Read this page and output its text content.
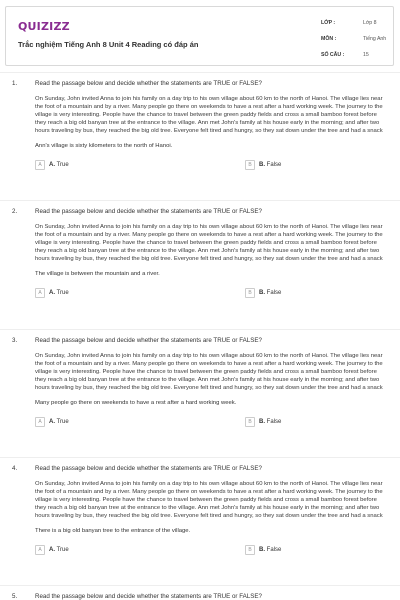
QUIZIZZ
Trắc nghiệm Tiếng Anh 8 Unit 4 Reading có đáp án
LỚP :	Lớp 8
MÔN :	Tiếng Anh
SỐ CÂU :	15
1.	Read the passage below and decide whether the statements are TRUE or FALSE?
On Sunday, John invited Anna to join his family on a day trip to his own village about 60 km to the north of Hanoi. The village lies near the foot of a mountain and by a river. Many people go there on weekends to have a rest after a hard working week. The journey to the village is very interesting. People have the chance to travel between the green paddy fields and cross a small bamboo forest before they reach a big old banyan tree at the entrance to the village. Ann met John's family at his house early in the morning; and after two hours traveling by bus, they reached the big old tree. Everyone felt tired and hungry, so they sat down under the tree and had a snack
Ann's village is sixty kilometers to the north of Hanoi.
A	A. True	B	B. False
2.	Read the passage below and decide whether the statements are TRUE or FALSE?
On Sunday, John invited Anna to join his family on a day trip to his own village about 60 km to the north of Hanoi. The village lies near the foot of a mountain and by a river. Many people go there on weekends to have a rest after a hard working week. The journey to the village is very interesting. People have the chance to travel between the green paddy fields and cross a small bamboo forest before they reach a big old banyan tree at the entrance to the village. Ann met John's family at his house early in the morning; and after two hours traveling by bus, they reached the big old tree. Everyone felt tired and hungry, so they sat down under the tree and had a snack
The village is between the mountain and a river.
A	A. True	B	B. False
3.	Read the passage below and decide whether the statements are TRUE or FALSE?
On Sunday, John invited Anna to join his family on a day trip to his own village about 60 km to the north of Hanoi. The village lies near the foot of a mountain and by a river. Many people go there on weekends to have a rest after a hard working week. The journey to the village is very interesting. People have the chance to travel between the green paddy fields and cross a small bamboo forest before they reach a big old banyan tree at the entrance to the village. Ann met John's family at his house early in the morning; and after two hours traveling by bus, they reached the big old tree. Everyone felt tired and hungry, so they sat down under the tree and had a snack
Many people go there on weekends to have a rest after a hard working week.
A	A. True	B	B. False
4.	Read the passage below and decide whether the statements are TRUE or FALSE?
On Sunday, John invited Anna to join his family on a day trip to his own village about 60 km to the north of Hanoi. The village lies near the foot of a mountain and by a river. Many people go there on weekends to have a rest after a hard working week. The journey to the village is very interesting. People have the chance to travel between the green paddy fields and cross a small bamboo forest before they reach a big old banyan tree at the entrance to the village. Ann met John's family at his house early in the morning; and after two hours traveling by bus, they reached the big old tree. Everyone felt tired and hungry, so they sat down under the tree and had a snack
There is a big old banyan tree to the entrance of the village.
A	A. True	B	B. False
5.	Read the passage below and decide whether the statements are TRUE or FALSE?
